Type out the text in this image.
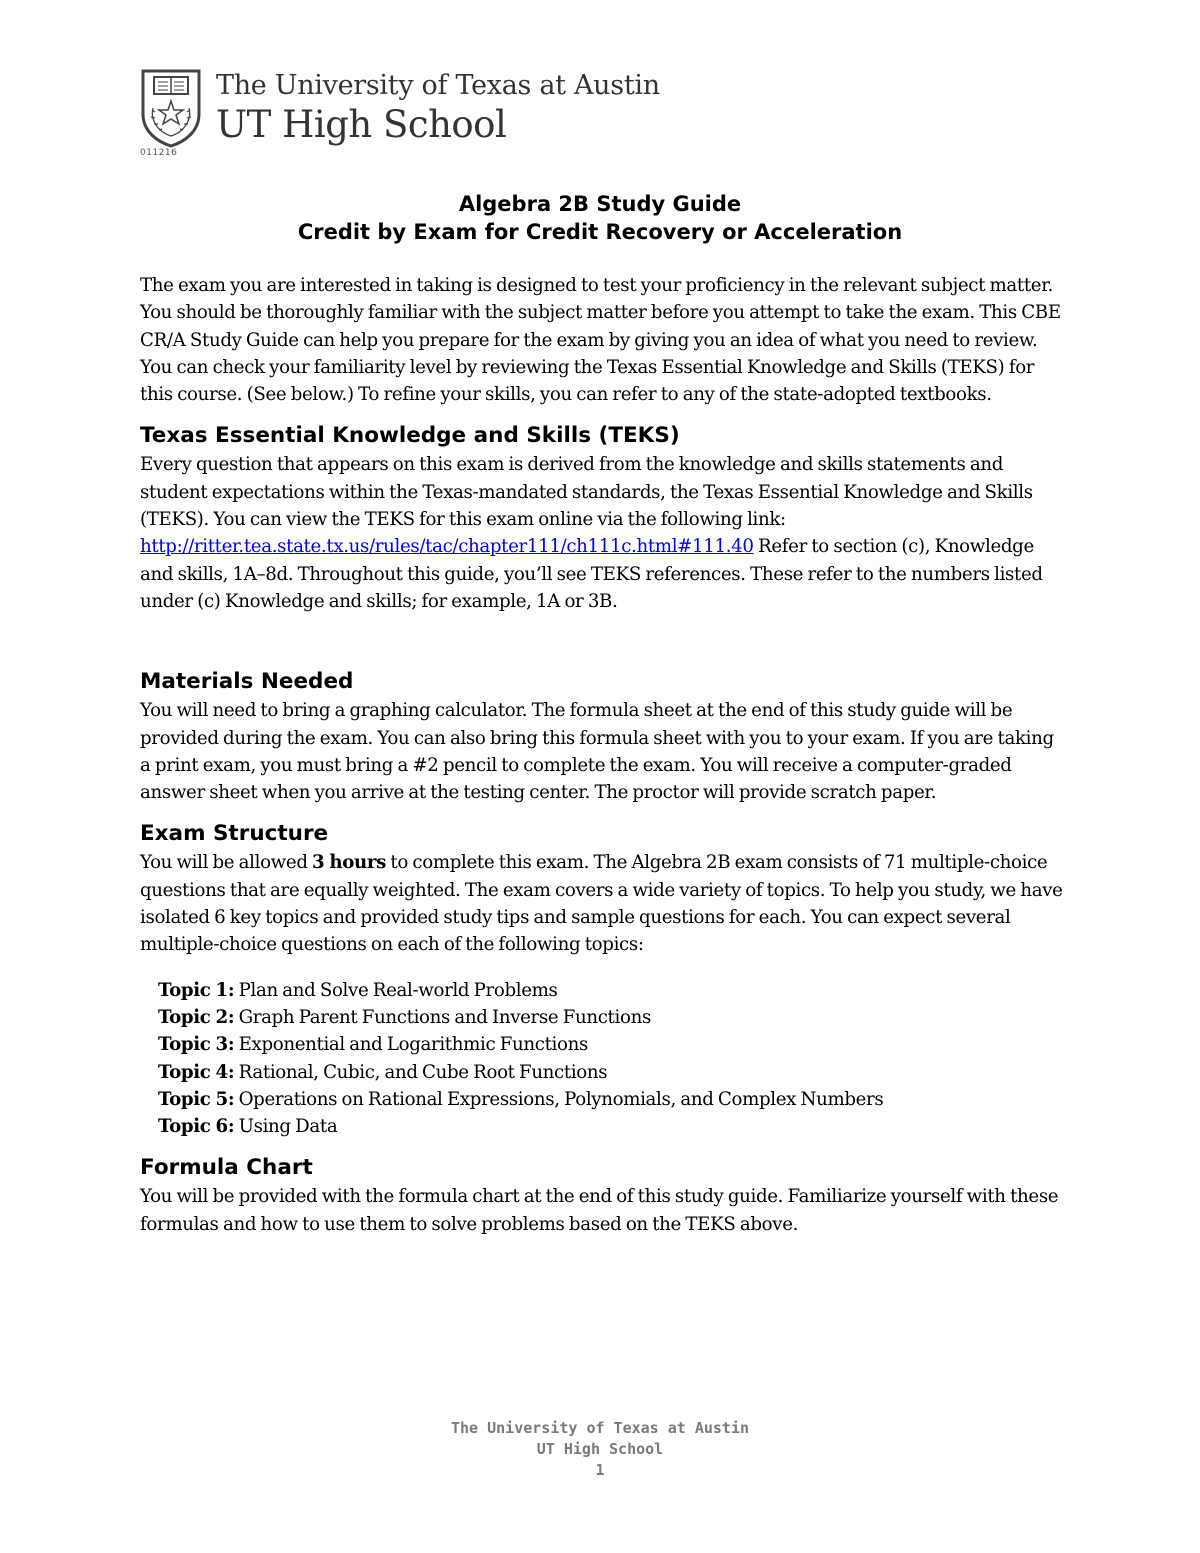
011216
The University of Texas at Austin
UT High School
Algebra 2B Study Guide
Credit by Exam for Credit Recovery or Acceleration

The exam you are interested in taking is designed to test your proficiency in the relevant subject matter. You should be thoroughly familiar with the subject matter before you attempt to take the exam. This CBE CR/A Study Guide can help you prepare for the exam by giving you an idea of what you need to review. You can check your familiarity level by reviewing the Texas Essential Knowledge and Skills (TEKS) for this course. (See below.) To refine your skills, you can refer to any of the state-adopted textbooks.

Texas Essential Knowledge and Skills (TEKS)

Every question that appears on this exam is derived from the knowledge and skills statements and student expectations within the Texas-mandated standards, the Texas Essential Knowledge and Skills (TEKS). You can view the TEKS for this exam online via the following link: http://ritter.tea.state.tx.us/rules/tac/chapter111/ch111c.html#111.40 Refer to section (c), Knowledge and skills, 1A–8d. Throughout this guide, you’ll see TEKS references. These refer to the numbers listed under (c) Knowledge and skills; for example, 1A or 3B.

Materials Needed

You will need to bring a graphing calculator. The formula sheet at the end of this study guide will be provided during the exam. You can also bring this formula sheet with you to your exam. If you are taking a print exam, you must bring a #2 pencil to complete the exam. You will receive a computer-graded answer sheet when you arrive at the testing center. The proctor will provide scratch paper.

Exam Structure

You will be allowed 3 hours to complete this exam. The Algebra 2B exam consists of 71 multiple-choice questions that are equally weighted. The exam covers a wide variety of topics. To help you study, we have isolated 6 key topics and provided study tips and sample questions for each. You can expect several multiple-choice questions on each of the following topics:

Topic 1: Plan and Solve Real-world Problems
Topic 2: Graph Parent Functions and Inverse Functions
Topic 3: Exponential and Logarithmic Functions
Topic 4: Rational, Cubic, and Cube Root Functions
Topic 5: Operations on Rational Expressions, Polynomials, and Complex Numbers
Topic 6: Using Data
Formula Chart

You will be provided with the formula chart at the end of this study guide. Familiarize yourself with these formulas and how to use them to solve problems based on the TEKS above.

The University of Texas at Austin
UT High School
1
